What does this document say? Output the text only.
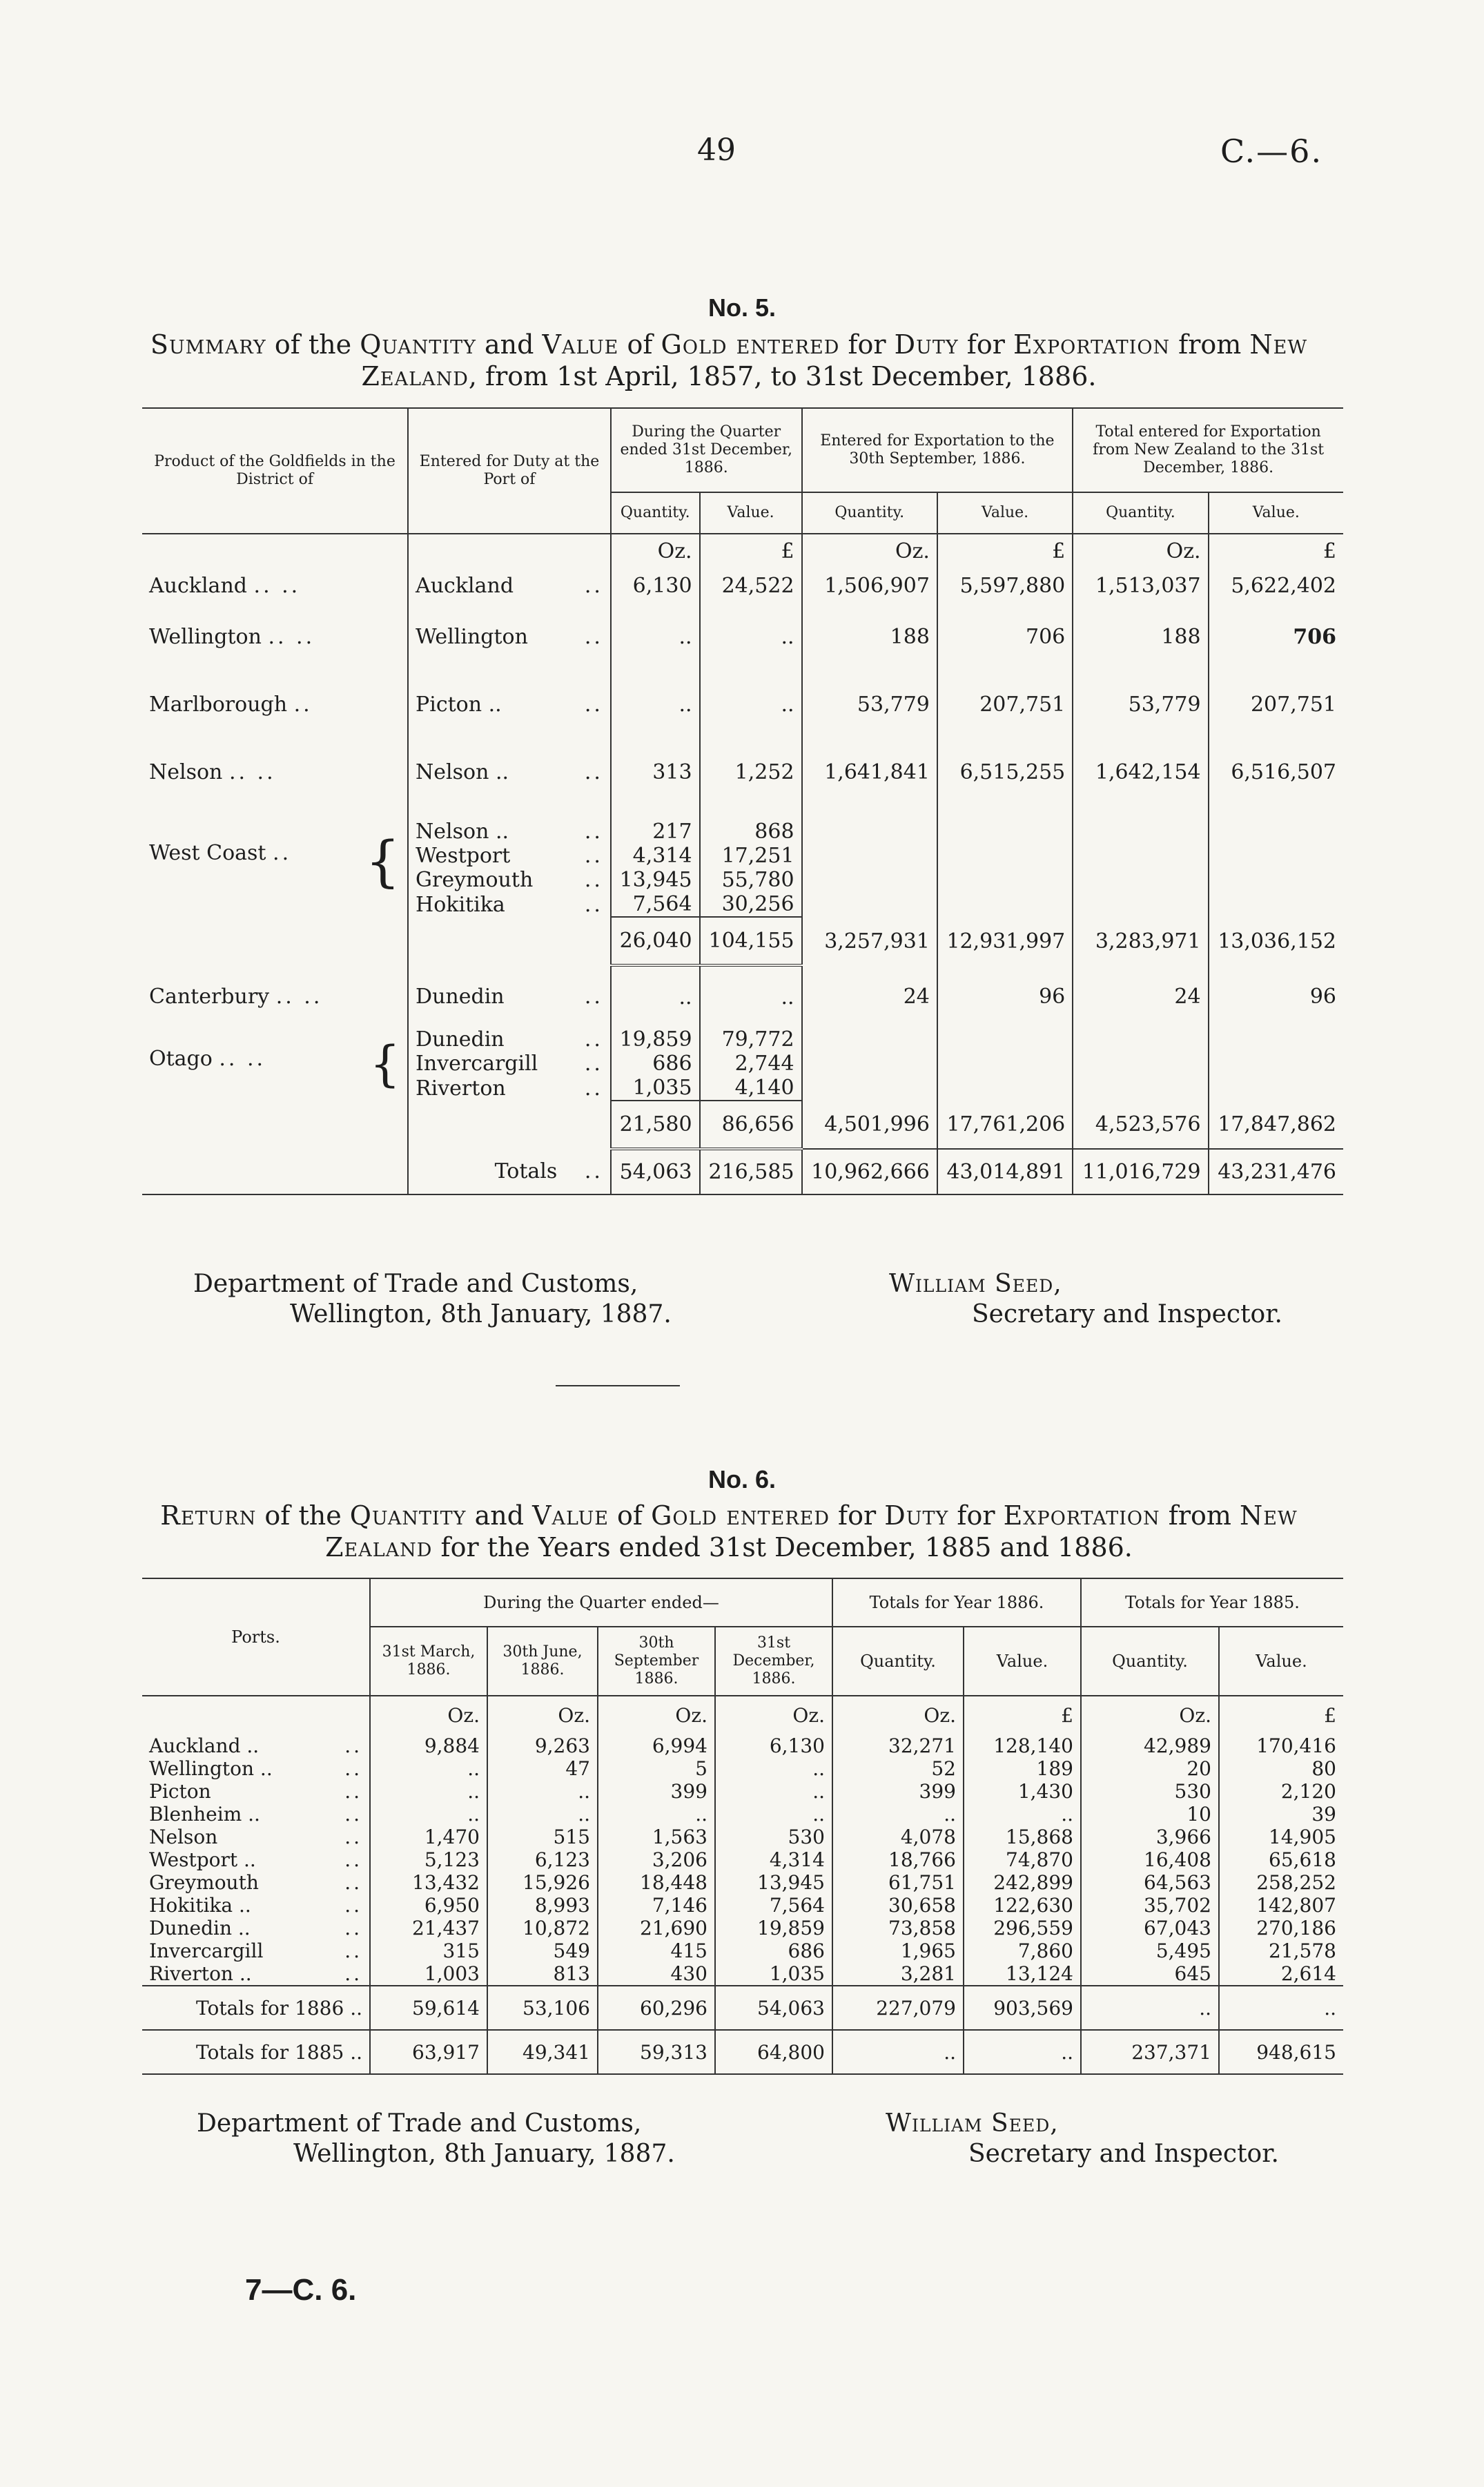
49	C.—6.
No. 5.
Summary of the Quantity and Value of Gold entered for Duty for Exportation from New Zealand, from 1st April, 1857, to 31st December, 1886.
Product of the Goldfields in the District of	Entered for Duty at the Port of	During the Quarter ended 31st December, 1886.		Entered for Exportation to the 30th September, 1886.		Total entered for Exportation from New Zealand to the 31st December, 1886.	
		Quantity.	Value.	Quantity.	Value.	Quantity.	Value.
		Oz.	£	Oz.	£	Oz.	£
Auckland .. ..	Auckland ..	6,130	24,522	1,506,907	5,597,880	1,513,037	5,622,402
Wellington .. ..	Wellington ..	..	..	188	706	188	706
Marlborough ..	Picton .. ..	..	..	53,779	207,751	53,779	207,751
Nelson .. ..	Nelson .. ..	313	1,252	1,641,841	6,515,255	1,642,154	6,516,507
West Coast .. {	Nelson .. ..	217	868				
	Westport ..	4,314	17,251				
	Greymouth ..	13,945	55,780				
	Hokitika ..	7,564	30,256				
		26,040	104,155	3,257,931	12,931,997	3,283,971	13,036,152
Canterbury .. ..	Dunedin ..	..	..	24	96	24	96
Otago .. .. {	Dunedin ..	19,859	79,772				
	Invercargill ..	686	2,744				
	Riverton ..	1,035	4,140				
		21,580	86,656	4,501,996	17,761,206	4,523,576	17,847,862
	Totals ..	54,063	216,585	10,962,666	43,014,891	11,016,729	43,231,476
Department of Trade and Customs,
Wellington, 8th January, 1887.
William Seed,
Secretary and Inspector.
No. 6.
Return of the Quantity and Value of Gold entered for Duty for Exportation from New Zealand for the Years ended 31st December, 1885 and 1886.
Ports.	During the Quarter ended—				Totals for Year 1886.		Totals for Year 1885.	
	31st March, 1886.	30th June, 1886.	30th September 1886.	31st December, 1886.	Quantity.	Value.	Quantity.	Value.
	Oz.	Oz.	Oz.	Oz.	Oz.	£	Oz.	£
Auckland .. ..	9,884	9,263	6,994	6,130	32,271	128,140	42,989	170,416
Wellington .. ..	..	47	5	..	52	189	20	80
Picton ..	..	..	399	..	399	1,430	530	2,120
Blenheim .. ..	..	..	..	..	..	..	10	39
Nelson ..	1,470	515	1,563	530	4,078	15,868	3,966	14,905
Westport .. ..	5,123	6,123	3,206	4,314	18,766	74,870	16,408	65,618
Greymouth ..	13,432	15,926	18,448	13,945	61,751	242,899	64,563	258,252
Hokitika .. ..	6,950	8,993	7,146	7,564	30,658	122,630	35,702	142,807
Dunedin .. ..	21,437	10,872	21,690	19,859	73,858	296,559	67,043	270,186
Invercargill ..	315	549	415	686	1,965	7,860	5,495	21,578
Riverton .. ..	1,003	813	430	1,035	3,281	13,124	645	2,614
Totals for 1886 ..	59,614	53,106	60,296	54,063	227,079	903,569	..	..
Totals for 1885 ..	63,917	49,341	59,313	64,800	..	..	237,371	948,615
Department of Trade and Customs,
Wellington, 8th January, 1887.
William Seed,
Secretary and Inspector.
7—C. 6.
